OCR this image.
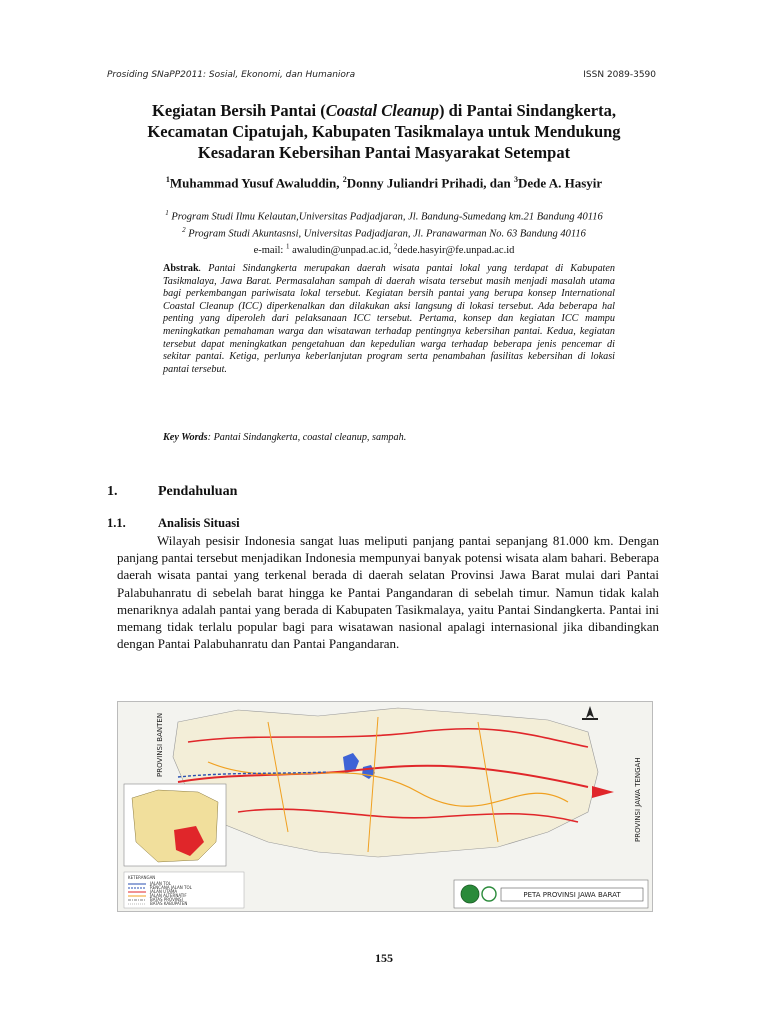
Prosiding SNaPP2011: Sosial, Ekonomi, dan Humaniora	ISSN 2089-3590
Kegiatan Bersih Pantai (Coastal Cleanup) di Pantai Sindangkerta,
Kecamatan Cipatujah, Kabupaten Tasikmalaya untuk Mendukung
Kesadaran Kebersihan Pantai Masyarakat Setempat
$^1$Muhammad Yusuf Awaluddin, $^2$Donny Juliandri Prihadi, dan $^3$Dede A. Hasyir
$^1$ Program Studi Ilmu Kelautan,Universitas Padjadjaran, Jl. Bandung-Sumedang km.21 Bandung 40116
$^2$ Program Studi Akuntasnsi, Universitas Padjadjaran, Jl. Pranawarman No. 63 Bandung 40116
e-mail: $^1$ awaludin@unpad.ac.id, $^2$dede.hasyir@fe.unpad.ac.id
Abstrak. Pantai Sindangkerta merupakan daerah wisata pantai lokal yang terdapat di Kabupaten Tasikmalaya, Jawa Barat. Permasalahan sampah di daerah wisata tersebut masih menjadi masalah utama bagi perkembangan pariwisata lokal tersebut. Kegiatan bersih pantai yang berupa konsep International Coastal Cleanup (ICC) diperkenalkan dan dilakukan aksi langsung di lokasi tersebut. Ada beberapa hal penting yang diperoleh dari pelaksanaan ICC tersebut. Pertama, konsep dan kegiatan ICC mampu meningkatkan pemahaman warga dan wisatawan terhadap pentingnya kebersihan pantai. Kedua, kegiatan tersebut dapat meningkatkan pengetahuan dan kepedulian warga terhadap beberapa jenis pencemar di sekitar pantai. Ketiga, perlunya keberlanjutan program serta penambahan fasilitas kebersihan di lokasi pantai tersebut.
Key Words: Pantai Sindangkerta, coastal cleanup, sampah.
1.	Pendahuluan
1.1.	Analisis Situasi

Wilayah pesisir Indonesia sangat luas meliputi panjang pantai sepanjang 81.000 km. Dengan panjang pantai tersebut menjadikan Indonesia mempunyai banyak potensi wisata alam bahari. Beberapa daerah wisata pantai yang terkenal berada di daerah selatan Provinsi Jawa Barat mulai dari Pantai Palabuhanratu di sebelah barat hingga ke Pantai Pangandaran di sebelah timur. Namun tidak kalah menariknya adalah pantai yang berada di Kabupaten Tasikmalaya, yaitu Pantai Sindangkerta. Pantai ini memang tidak terlalu popular bagi para wisatawan nasional apalagi internasional jika dibandingkan dengan Pantai Palabuhanratu dan Pantai Pangandaran.

KETERANGAN
JALAN TOL
RENCANA JALAN TOL
JALAN UTAMA
JALAN ALTERNATIF
BATAS PROVINSI
BATAS KABUPATEN
PROVINSI BANTEN
PROVINSI JAWA TENGAH
PETA PROVINSI JAWA BARAT
155
